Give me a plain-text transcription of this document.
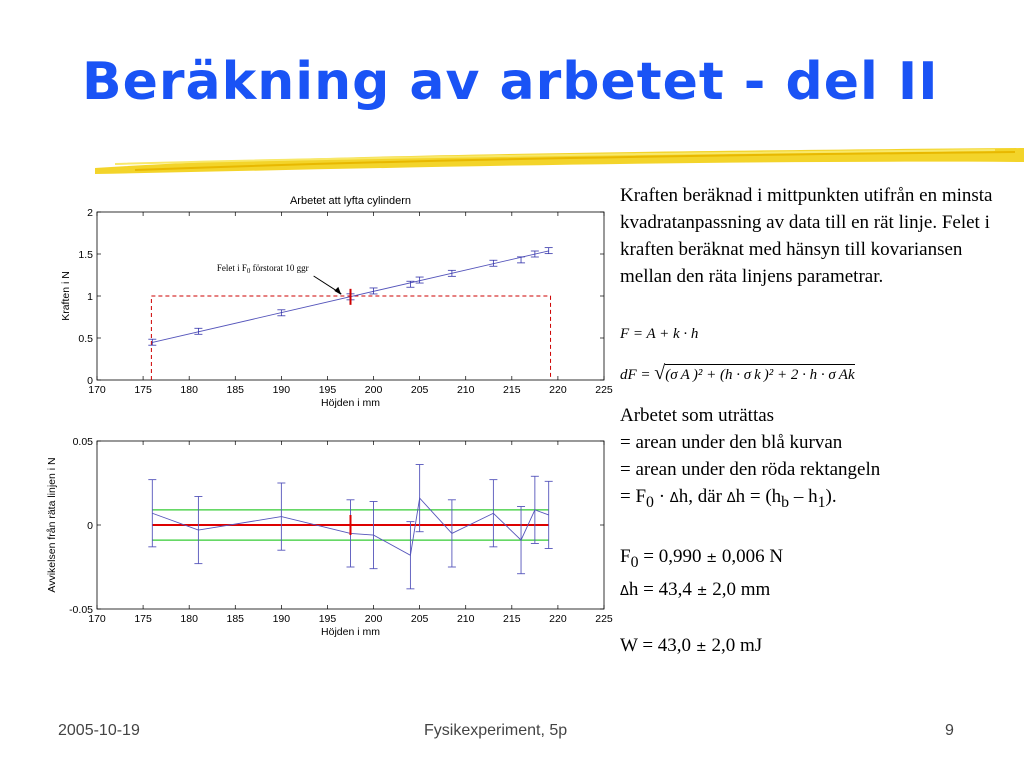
Beräkning av arbetet - del II
Arbetet att lyfta cylindern
170	175	180	185	190	195	200	205	210	215	220	225
0
0.5
1
1.5
2
Höjden i mm
Kraften i N
Felet i $F_0$ förstorat 10 ggr
170	175	180	185	190	195	200	205	210	215	220	225
-0.05
0
0.05
Höjden i mm
Avvikelsen från räta linjen i N

Kraften beräknad i mittpunkten utifrån en minsta kvadratanpassning av data till en rät linje. Felet i kraften beräknat med hänsyn till kovariansen mellan den räta linjens parametrar.

F = A + k · h
dF = √(σ A )² + (h · σ k )² + 2 · h · σ Ak

Arbetet som uträttas

= arean under den blå kurvan

= arean under den röda rektangeln

= $F_0 \cdot \Delta h$, där $\Delta h = (h_b - h_1)$.

$F_0 = 0,990 \pm 0,006$ N

Δh = 43,4 ± 2,0 mm

W = 43,0 ± 2,0 mJ

2005-10-19	Fysikexperiment, 5p	9
